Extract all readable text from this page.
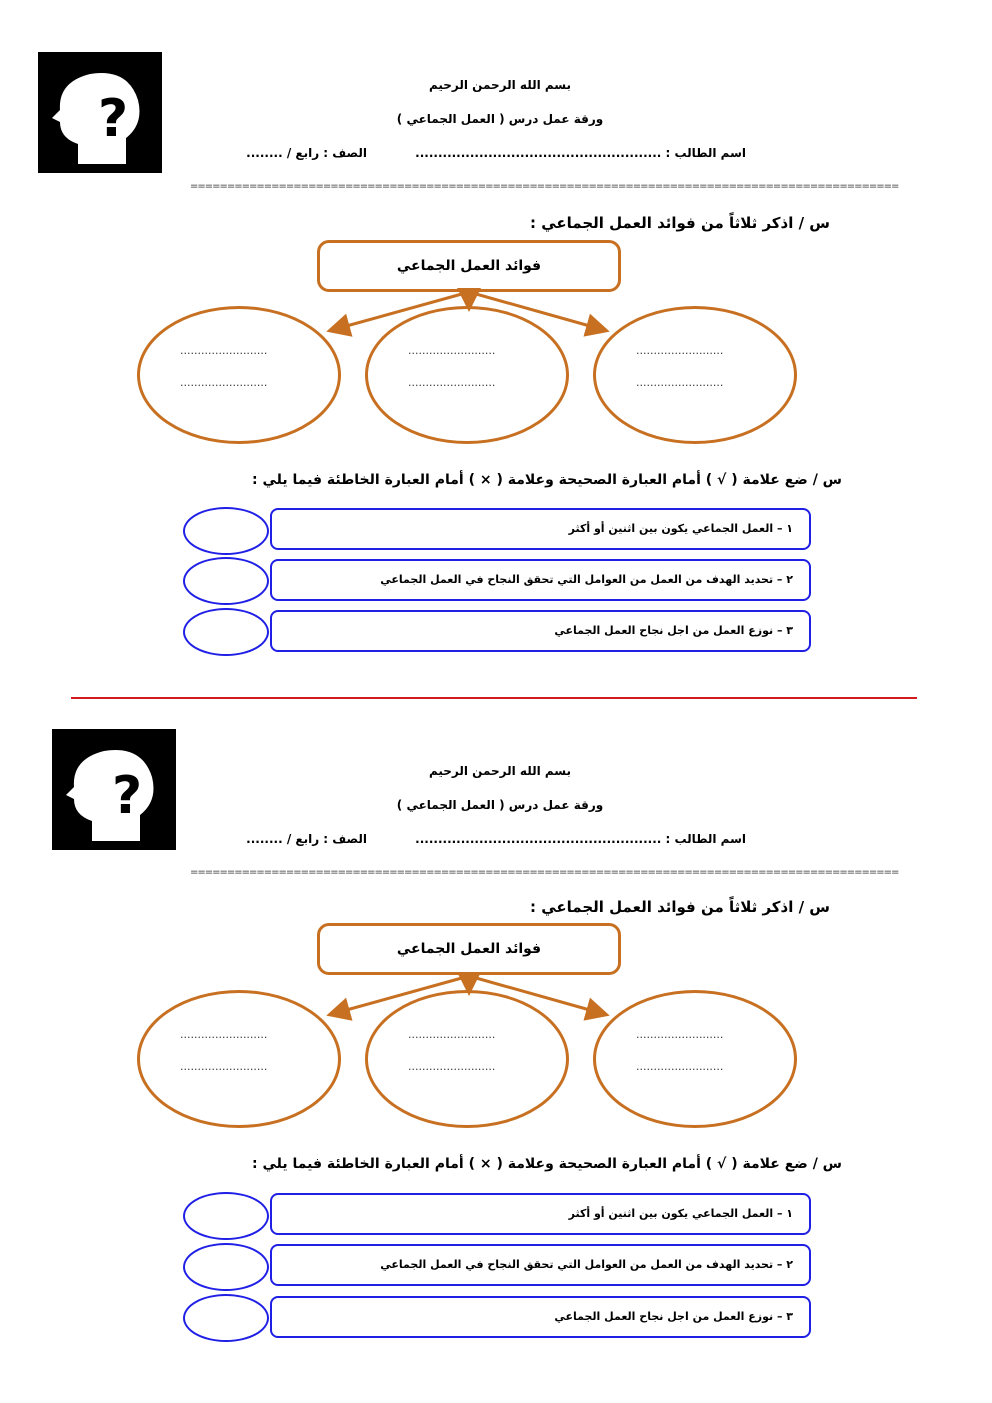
?
بسم الله الرحمن الرحيم
ورقة عمل درس ( العمل الجماعي )
اسم الطالب : ......................................................
الصف : رابع / ........
================================================================================================
س / اذكر ثلاثاً من فوائد العمل الجماعي :
فوائد العمل الجماعي
.........................
.........................
.........................
.........................
.........................
.........................
س / ضع علامة ( √ ) أمام العبارة الصحيحة وعلامة ( × ) أمام العبارة الخاطئة فيما يلي :
١ – العمل الجماعي يكون بين اثنين أو أكثر
٢ – تحديد الهدف من العمل من العوامل التي تحقق النجاح في العمل الجماعي
٣ – نوزع العمل من اجل نجاح العمل الجماعي
?	بسم الله الرحمن الرحيم
ورقة عمل درس ( العمل الجماعي )
اسم الطالب : ......................................................
الصف : رابع / ........
================================================================================================
س / اذكر ثلاثاً من فوائد العمل الجماعي :
فوائد العمل الجماعي
.........................
.........................
.........................
.........................
.........................
.........................
س / ضع علامة ( √ ) أمام العبارة الصحيحة وعلامة ( × ) أمام العبارة الخاطئة فيما يلي :
١ – العمل الجماعي يكون بين اثنين أو أكثر
٢ – تحديد الهدف من العمل من العوامل التي تحقق النجاح في العمل الجماعي
٣ – نوزع العمل من اجل نجاح العمل الجماعي
